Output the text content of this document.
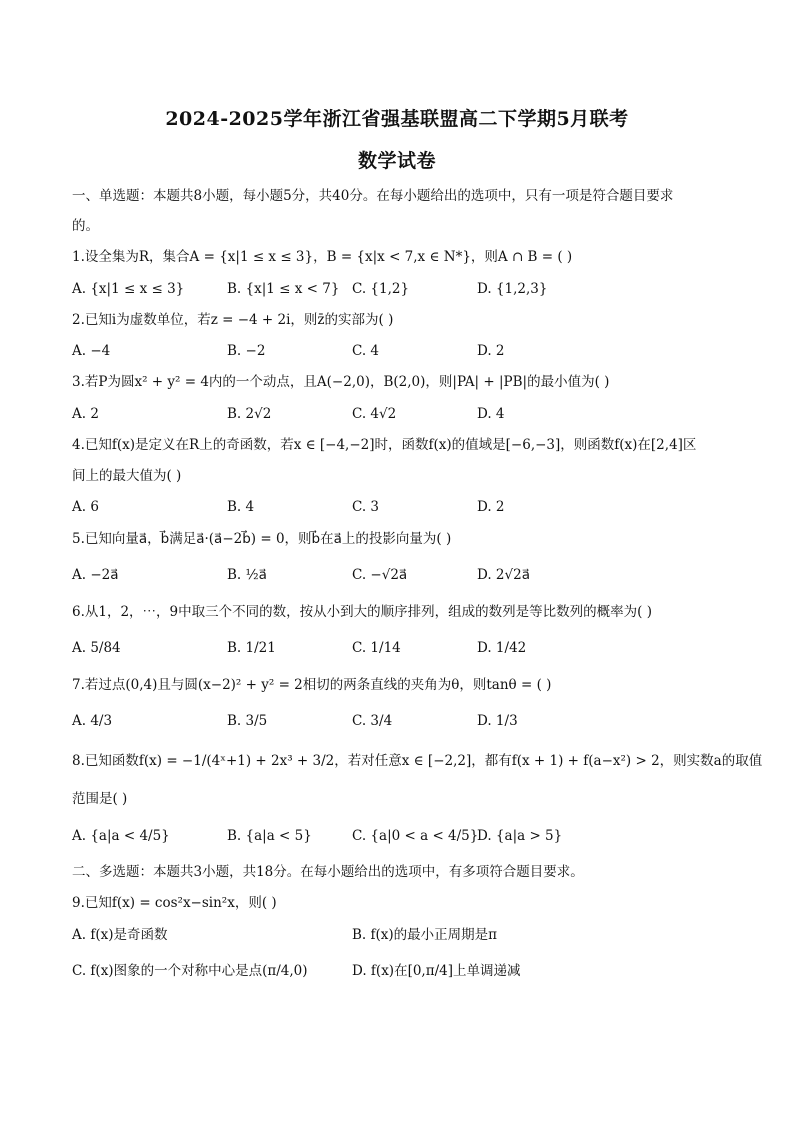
2024-2025学年浙江省强基联盟高二下学期5月联考
数学试卷
一、单选题：本题共8小题，每小题5分，共40分。在每小题给出的选项中，只有一项是符合题目要求
的。
1.设全集为R，集合A = {x|1 ≤ x ≤ 3}，B = {x|x < 7,x ∈ N*}，则A ∩ B = ( )
A. {x|1 ≤ x ≤ 3}	B. {x|1 ≤ x < 7} C. {1,2}	D. {1,2,3}
2.已知i为虚数单位，若z = −4 + 2i，则z̄的实部为( )
A. −4	B. −2	C. 4	D. 2
3.若P为圆x² + y² = 4内的一个动点，且A(−2,0)，B(2,0)，则|PA| + |PB|的最小值为( )
A. 2	B. 2√2	C. 4√2	D. 4
4.已知f(x)是定义在R上的奇函数，若x ∈ [−4,−2]时，函数f(x)的值域是[−6,−3]，则函数f(x)在[2,4]区
间上的最大值为( )
A. 6	B. 4	C. 3	D. 2
5.已知向量a⃗，b⃗满足a⃗·(a⃗−2b⃗) = 0，则b⃗在a⃗上的投影向量为( )
A. −2a⃗	B. ½a⃗	C. −√2a⃗	D. 2√2a⃗
6.从1，2，⋯，9中取三个不同的数，按从小到大的顺序排列，组成的数列是等比数列的概率为( )
A. 5/84	B. 1/21	C. 1/14	D. 1/42
7.若过点(0,4)且与圆(x−2)² + y² = 2相切的两条直线的夹角为θ，则tanθ = ( )
A. 4/3	B. 3/5	C. 3/4	D. 1/3
8.已知函数f(x) = −1/(4ˣ+1) + 2x³ + 3/2，若对任意x ∈ [−2,2]，都有f(x + 1) + f(a−x²) > 2，则实数a的取值
范围是( )
A. {a|a < 4/5}	B. {a|a < 5}	C. {a|0 < a < 4/5}
D. {a|a > 5}
二、多选题：本题共3小题，共18分。在每小题给出的选项中，有多项符合题目要求。
9.已知f(x) = cos²x−sin²x，则( )
A. f(x)是奇函数	B. f(x)的最小正周期是π
C. f(x)图象的一个对称中心是点(π/4,0)	D. f(x)在[0,π/4]上单调递减
